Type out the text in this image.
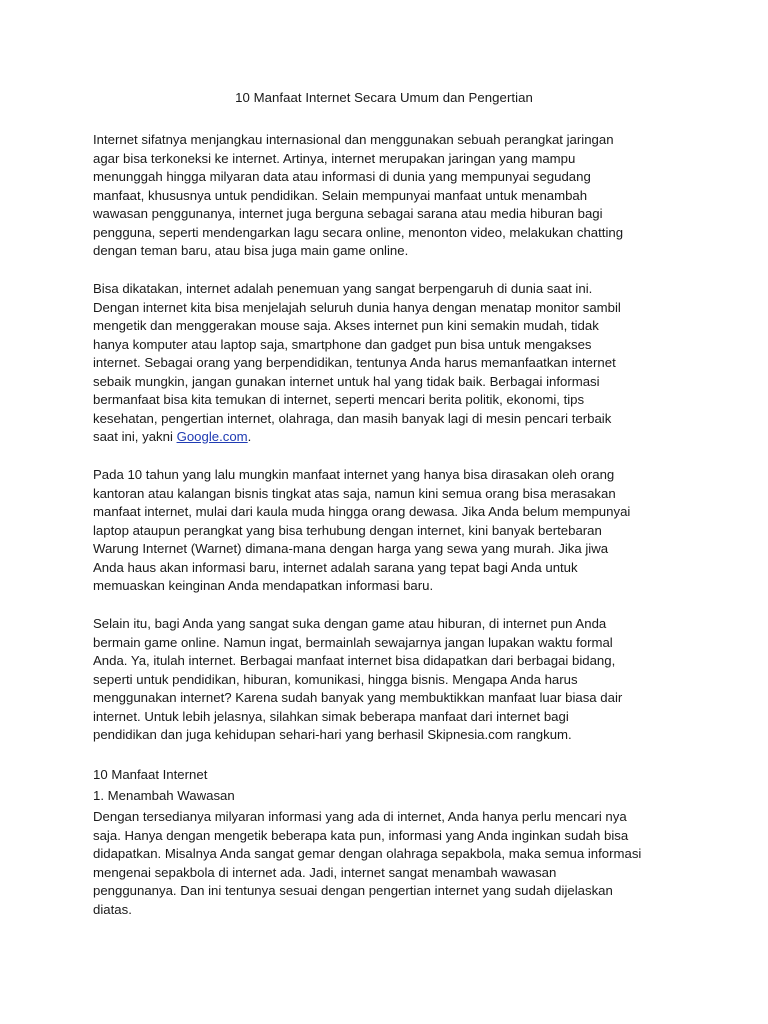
10 Manfaat Internet Secara Umum dan Pengertian

Internet sifatnya menjangkau internasional dan menggunakan sebuah perangkat jaringan
agar bisa terkoneksi ke internet. Artinya, internet merupakan jaringan yang mampu
menunggah hingga milyaran data atau informasi di dunia yang mempunyai segudang
manfaat, khususnya untuk pendidikan. Selain mempunyai manfaat untuk menambah
wawasan penggunanya, internet juga berguna sebagai sarana atau media hiburan bagi
pengguna, seperti mendengarkan lagu secara online, menonton video, melakukan chatting
dengan teman baru, atau bisa juga main game online.

Bisa dikatakan, internet adalah penemuan yang sangat berpengaruh di dunia saat ini.
Dengan internet kita bisa menjelajah seluruh dunia hanya dengan menatap monitor sambil
mengetik dan menggerakan mouse saja. Akses internet pun kini semakin mudah, tidak
hanya komputer atau laptop saja, smartphone dan gadget pun bisa untuk mengakses
internet. Sebagai orang yang berpendidikan, tentunya Anda harus memanfaatkan internet
sebaik mungkin, jangan gunakan internet untuk hal yang tidak baik. Berbagai informasi
bermanfaat bisa kita temukan di internet, seperti mencari berita politik, ekonomi, tips
kesehatan, pengertian internet, olahraga, dan masih banyak lagi di mesin pencari terbaik
saat ini, yakni Google.com.

Pada 10 tahun yang lalu mungkin manfaat internet yang hanya bisa dirasakan oleh orang
kantoran atau kalangan bisnis tingkat atas saja, namun kini semua orang bisa merasakan
manfaat internet, mulai dari kaula muda hingga orang dewasa. Jika Anda belum mempunyai
laptop ataupun perangkat yang bisa terhubung dengan internet, kini banyak bertebaran
Warung Internet (Warnet) dimana-mana dengan harga yang sewa yang murah. Jika jiwa
Anda haus akan informasi baru, internet adalah sarana yang tepat bagi Anda untuk
memuaskan keinginan Anda mendapatkan informasi baru.

Selain itu, bagi Anda yang sangat suka dengan game atau hiburan, di internet pun Anda
bermain game online. Namun ingat, bermainlah sewajarnya jangan lupakan waktu formal
Anda. Ya, itulah internet. Berbagai manfaat internet bisa didapatkan dari berbagai bidang,
seperti untuk pendidikan, hiburan, komunikasi, hingga bisnis. Mengapa Anda harus
menggunakan internet? Karena sudah banyak yang membuktikkan manfaat luar biasa dair
internet. Untuk lebih jelasnya, silahkan simak beberapa manfaat dari internet bagi
pendidikan dan juga kehidupan sehari-hari yang berhasil Skipnesia.com rangkum.

10 Manfaat Internet

1. Menambah Wawasan

Dengan tersedianya milyaran informasi yang ada di internet, Anda hanya perlu mencari nya
saja. Hanya dengan mengetik beberapa kata pun, informasi yang Anda inginkan sudah bisa
didapatkan. Misalnya Anda sangat gemar dengan olahraga sepakbola, maka semua informasi
mengenai sepakbola di internet ada. Jadi, internet sangat menambah wawasan
penggunanya. Dan ini tentunya sesuai dengan pengertian internet yang sudah dijelaskan
diatas.
